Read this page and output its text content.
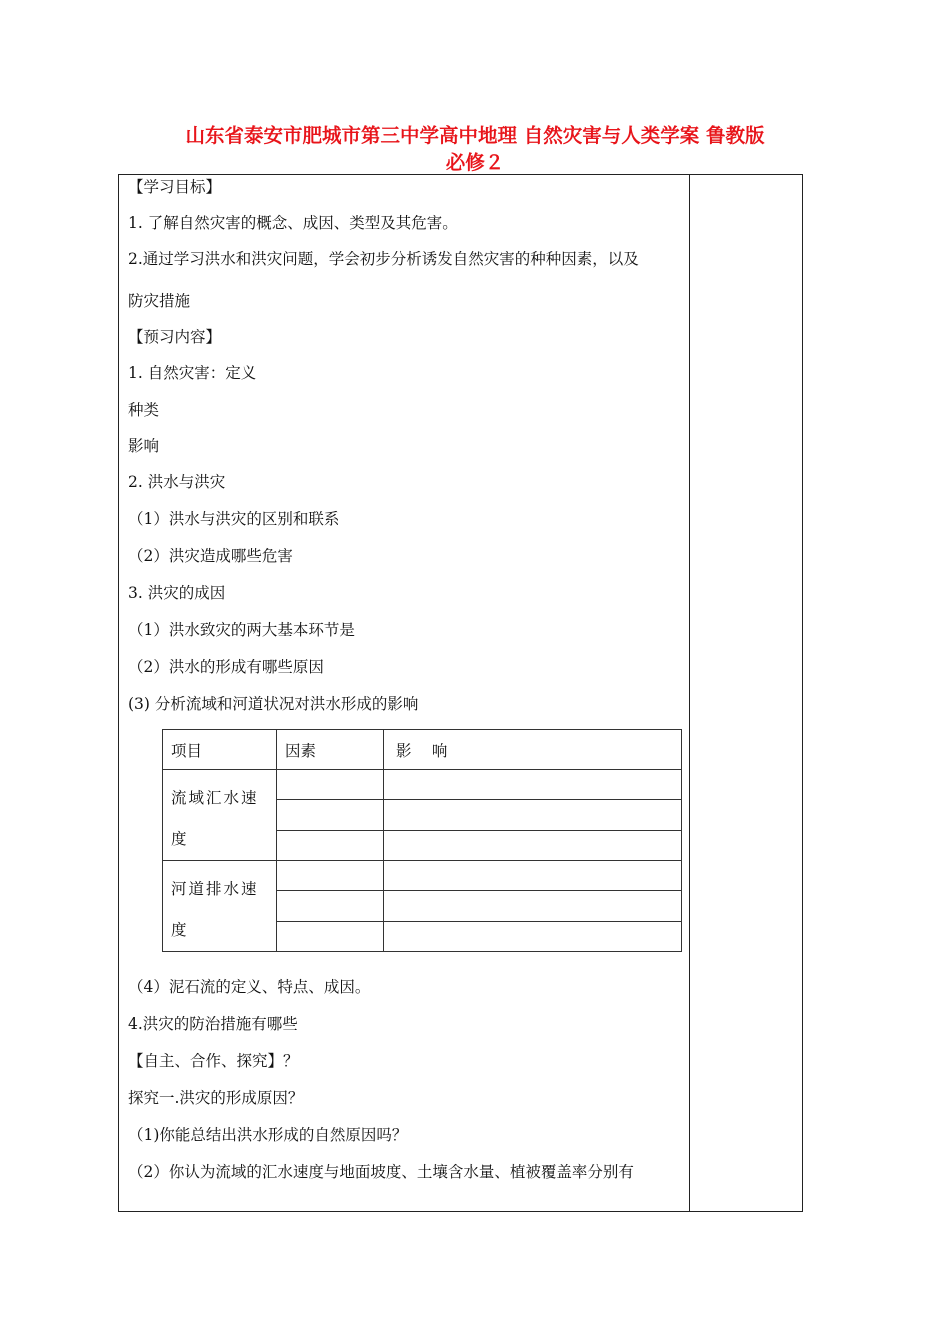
山东省泰安市肥城市第三中学高中地理 自然灾害与人类学案 鲁教版
必修２
【学习目标】
1. 了解自然灾害的概念、成因、类型及其危害。
2.通过学习洪水和洪灾问题，学会初步分析诱发自然灾害的种种因素，以及
防灾措施
【预习内容】
1. 自然灾害：定义
种类
影响
2. 洪水与洪灾
（1）洪水与洪灾的区别和联系
（2）洪灾造成哪些危害
3. 洪灾的成因
（1）洪水致灾的两大基本环节是
（2）洪水的形成有哪些原因
(3) 分析流域和河道状况对洪水形成的影响
项目	因素	影　 响
流域汇水速度		

河道排水速度		

（4）泥石流的定义、特点、成因。
4.洪灾的防治措施有哪些
【自主、合作、探究】？
探究一.洪灾的形成原因？
（1)你能总结出洪水形成的自然原因吗？
（2）你认为流域的汇水速度与地面坡度、土壤含水量、植被覆盖率分别有
